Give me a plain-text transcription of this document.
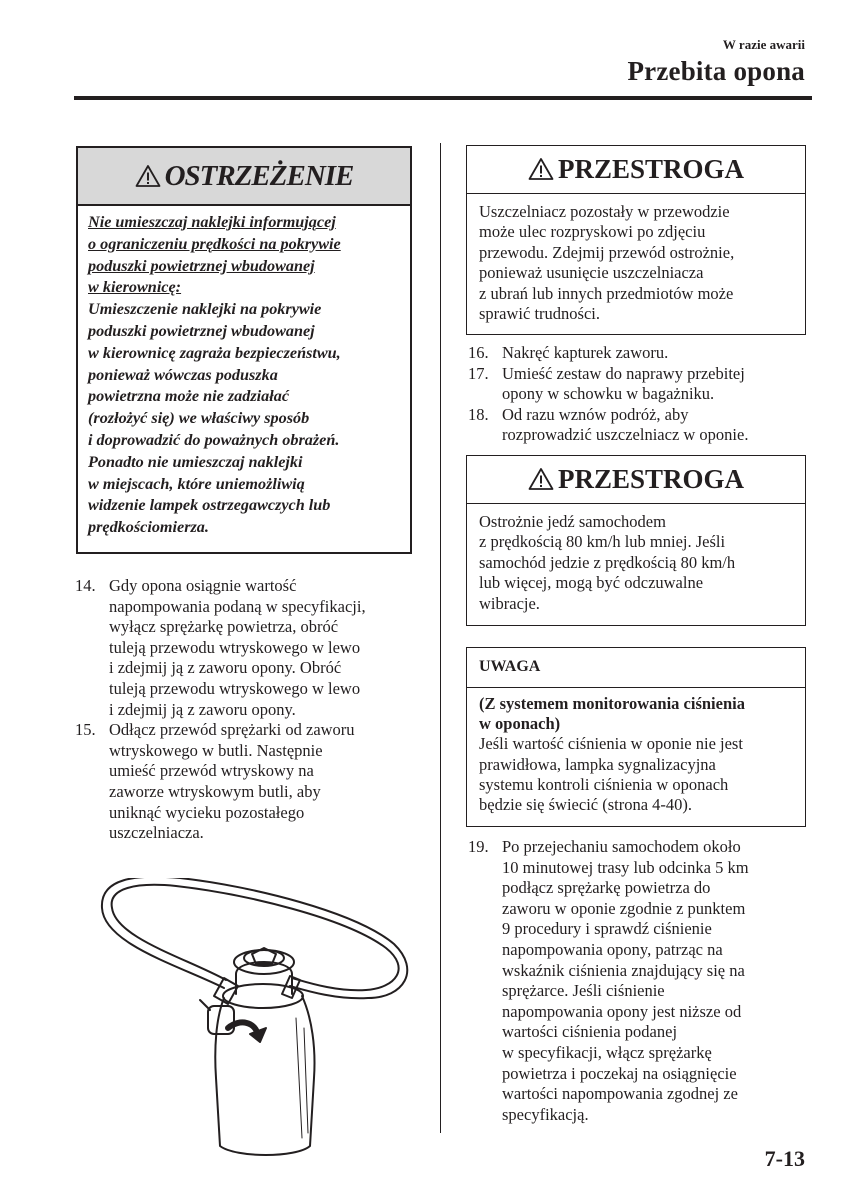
W razie awarii
Przebita opona
OSTRZEŻENIE
Nie umieszczaj naklejki informującej
o ograniczeniu prędkości na pokrywie
poduszki powietrznej wbudowanej
w kierownicę:
Umieszczenie naklejki na pokrywie
poduszki powietrznej wbudowanej
w kierownicę zagraża bezpieczeństwu,
ponieważ wówczas poduszka
powietrzna może nie zadziałać
(rozłożyć się) we właściwy sposób
i doprowadzić do poważnych obrażeń.
Ponadto nie umieszczaj naklejki
w miejscach, które uniemożliwią
widzenie lampek ostrzegawczych lub
prędkościomierza.
14. Gdy opona osiągnie wartość
napompowania podaną w specyfikacji,
wyłącz sprężarkę powietrza, obróć
tuleją przewodu wtryskowego w lewo
i zdejmij ją z zaworu opony. Obróć
tuleją przewodu wtryskowego w lewo
i zdejmij ją z zaworu opony.
15. Odłącz przewód sprężarki od zaworu
wtryskowego w butli. Następnie
umieść przewód wtryskowy na
zaworze wtryskowym butli, aby
uniknąć wycieku pozostałego
uszczelniacza.
PRZESTROGA
Uszczelniacz pozostały w przewodzie
może ulec rozpryskowi po zdjęciu
przewodu. Zdejmij przewód ostrożnie,
ponieważ usunięcie uszczelniacza
z ubrań lub innych przedmiotów może
sprawić trudności.
16. Nakręć kapturek zaworu.
17. Umieść zestaw do naprawy przebitej
opony w schowku w bagażniku.
18. Od razu wznów podróż, aby
rozprowadzić uszczelniacz w oponie.
PRZESTROGA
Ostrożnie jedź samochodem
z prędkością 80 km/h lub mniej. Jeśli
samochód jedzie z prędkością 80 km/h
lub więcej, mogą być odczuwalne
wibracje.
UWAGA
(Z systemem monitorowania ciśnienia
w oponach)
Jeśli wartość ciśnienia w oponie nie jest
prawidłowa, lampka sygnalizacyjna
systemu kontroli ciśnienia w oponach
będzie się świecić (strona 4-40).
19. Po przejechaniu samochodem około
10 minutowej trasy lub odcinka 5 km
podłącz sprężarkę powietrza do
zaworu w oponie zgodnie z punktem
9 procedury i sprawdź ciśnienie
napompowania opony, patrząc na
wskaźnik ciśnienia znajdujący się na
sprężarce. Jeśli ciśnienie
napompowania opony jest niższe od
wartości ciśnienia podanej
w specyfikacji, włącz sprężarkę
powietrza i poczekaj na osiągnięcie
wartości napompowania zgodnej ze
specyfikacją.
7-13
